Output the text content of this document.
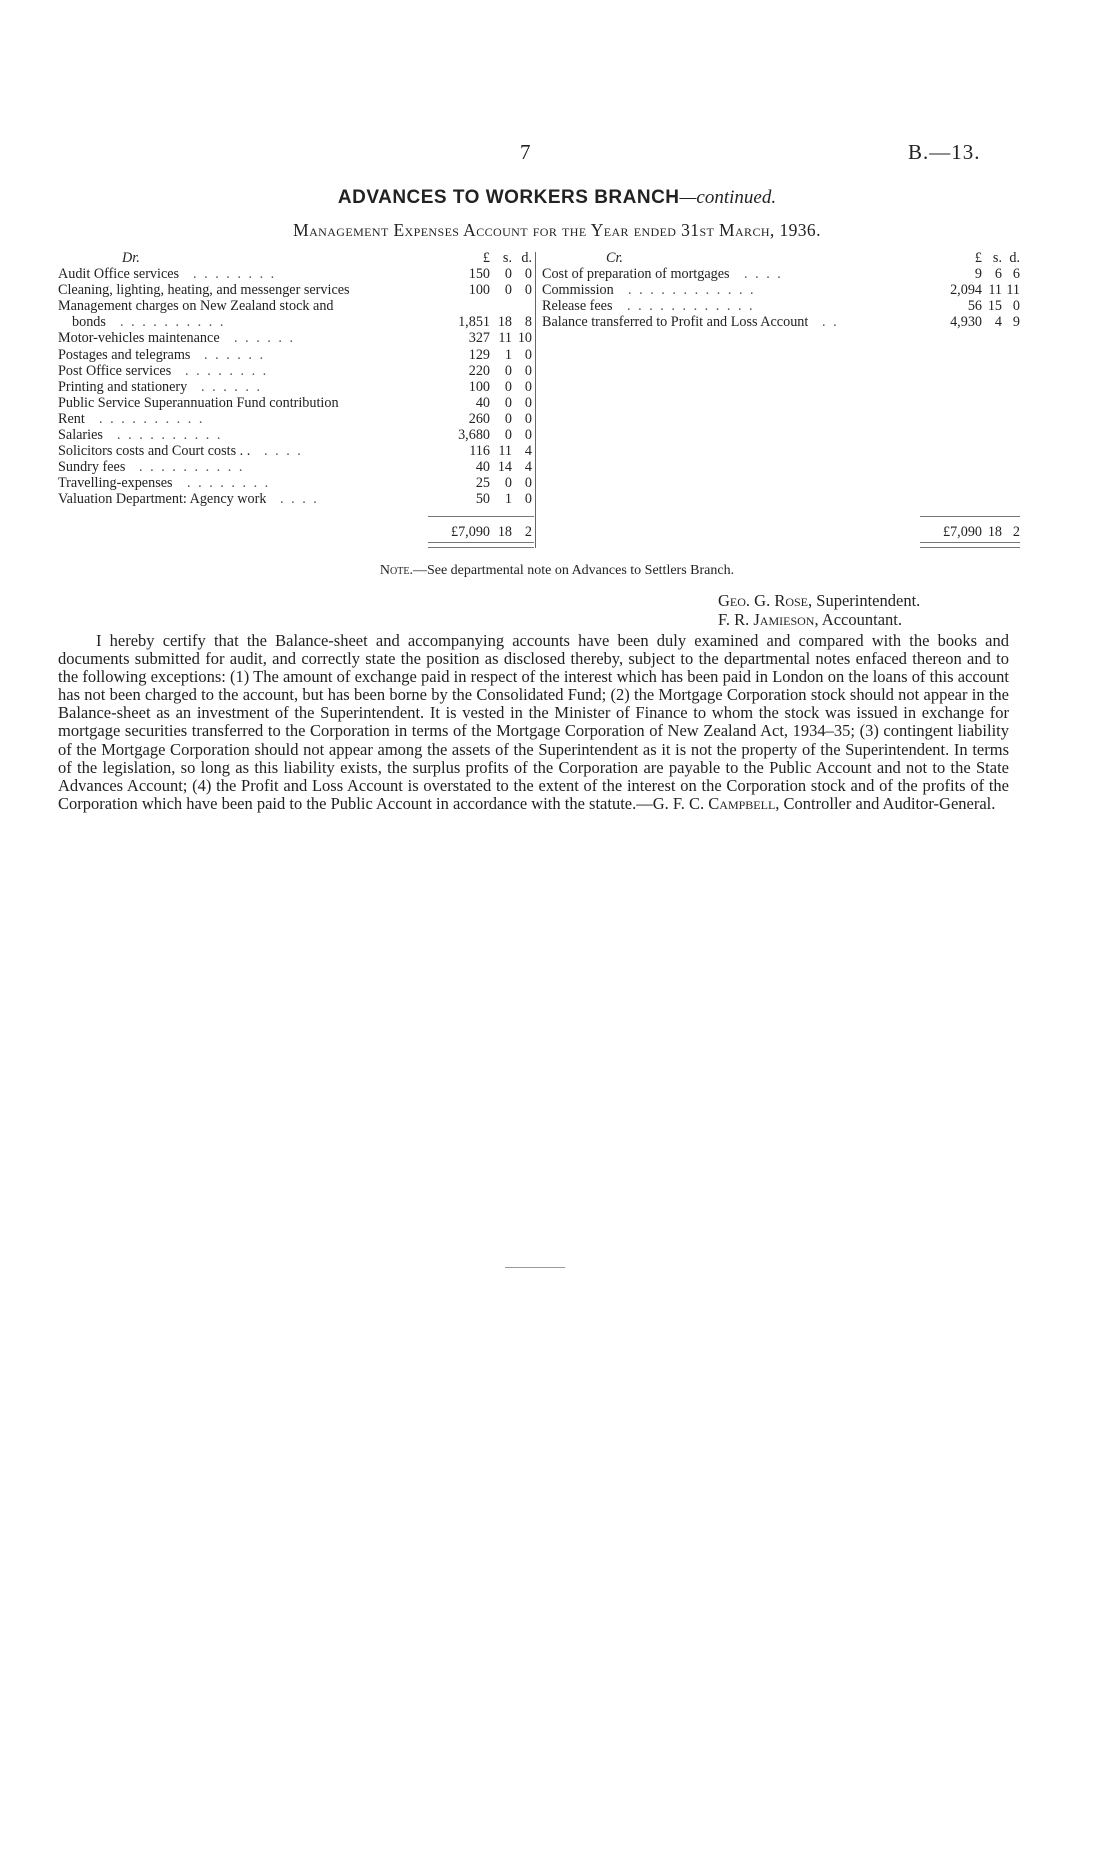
7	B.—13.
ADVANCES TO WORKERS BRANCH—continued.
Management Expenses Account for the Year ended 31st March, 1936.
Dr.	£ s. d.
Audit Office services . . . . . . . .	150	0 0
Cleaning, lighting, heating, and messenger services	100	0 0
Management charges on New Zealand stock and
bonds . . . . . . . . . .	1,851 18 8
Motor-vehicles maintenance . . . . . .	327 11 10
Postages and telegrams . . . . . .	129	1 0
Post Office services . . . . . . . .	220	0 0
Printing and stationery . . . . . .	100	0 0
Public Service Superannuation Fund contribution	40	0 0
Rent . . . . . . . . . .	260	0 0
Salaries . . . . . . . . . .	3,680	0 0
Solicitors costs and Court costs . . . . . .	116 11 4
Sundry fees . . . . . . . . . .	40 14 4
Travelling-expenses . . . . . . . .	25	0 0
Valuation Department: Agency work . . . .	50	1 0
£7,090 18 2
Cr.	£ s. d.
Cost of preparation of mortgages . . . .	9 6 6
Commission . . . . . . . . . . . .	2,094 11 11
Release fees . . . . . . . . . . . .	56 15 0
Balance transferred to Profit and Loss Account . .	4,930 4 9
£7,090 18 2
Note.—See departmental note on Advances to Settlers Branch.
Geo. G. Rose, Superintendent.
F. R. Jamieson, Accountant.
I hereby certify that the Balance-sheet and accompanying accounts have been duly examined and compared with the books and documents submitted for audit, and correctly state the position as disclosed thereby, subject to the departmental notes enfaced thereon and to the following exceptions: (1) The amount of exchange paid in respect of the interest which has been paid in London on the loans of this account has not been charged to the account, but has been borne by the Consolidated Fund; (2) the Mortgage Corporation stock should not appear in the Balance-sheet as an investment of the Superintendent. It is vested in the Minister of Finance to whom the stock was issued in exchange for mortgage securities transferred to the Corporation in terms of the Mortgage Corporation of New Zealand Act, 1934–35; (3) contingent liability of the Mortgage Corporation should not appear among the assets of the Superintendent as it is not the property of the Superintendent. In terms of the legislation, so long as this liability exists, the surplus profits of the Corporation are payable to the Public Account and not to the State Advances Account; (4) the Profit and Loss Account is overstated to the extent of the interest on the Corporation stock and of the profits of the Corporation which have been paid to the Public Account in accordance with the statute.—G. F. C. Campbell, Controller and Auditor-General.
